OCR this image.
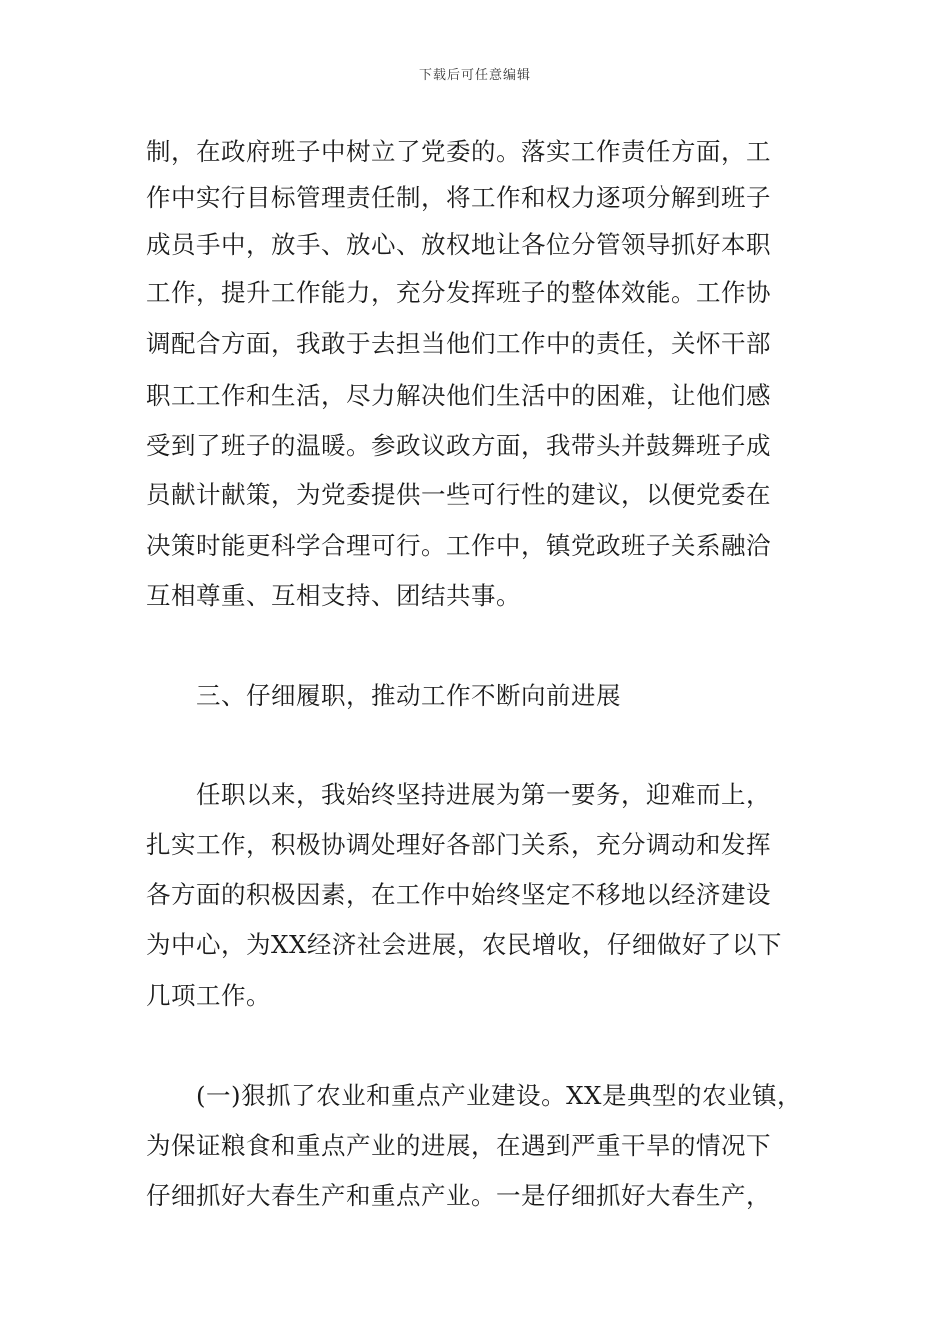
下载后可任意编辑
制，在政府班子中树立了党委的。落实工作责任方面，工
作中实行目标管理责任制，将工作和权力逐项分解到班子
成员手中，放手、放心、放权地让各位分管领导抓好本职
工作，提升工作能力，充分发挥班子的整体效能。工作协
调配合方面，我敢于去担当他们工作中的责任，关怀干部
职工工作和生活，尽力解决他们生活中的困难，让他们感
受到了班子的温暖。参政议政方面，我带头并鼓舞班子成
员献计献策，为党委提供一些可行性的建议，以便党委在
决策时能更科学合理可行。工作中，镇党政班子关系融洽
互相尊重、互相支持、团结共事。
三、仔细履职，推动工作不断向前进展
任职以来，我始终坚持进展为第一要务，迎难而上，
扎实工作，积极协调处理好各部门关系，充分调动和发挥
各方面的积极因素，在工作中始终坚定不移地以经济建设
为中心，为XX经济社会进展，农民增收，仔细做好了以下
几项工作。
(一)狠抓了农业和重点产业建设。XX是典型的农业镇，
为保证粮食和重点产业的进展，在遇到严重干旱的情况下
仔细抓好大春生产和重点产业。一是仔细抓好大春生产，
